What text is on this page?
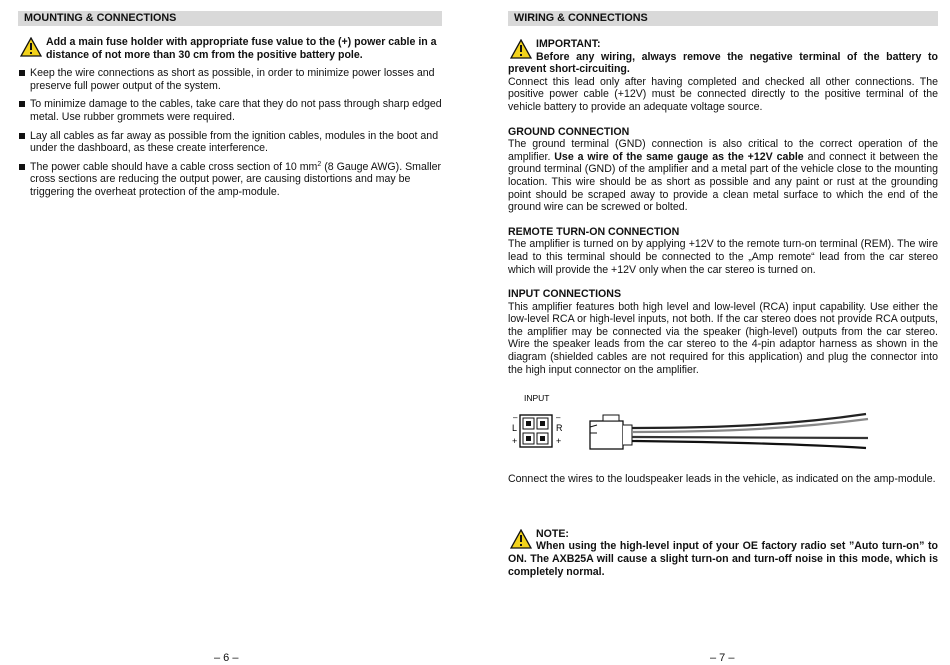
MOUNTING & CONNECTIONS
Add a main fuse holder with appropriate fuse value to the (+) power cable in a distance of not more than 30 cm from the positive battery pole.
Keep the wire connections as short as possible, in order to minimize power losses and preserve full power output of the system.
To minimize damage to the cables, take care that they do not pass through sharp edged metal. Use rubber grommets were required.
Lay all cables as far away as possible from the ignition cables, modules in the boot and under the dashboard, as these create interference.
The power cable should have a cable cross section of 10 $mm^2$ (8 Gauge AWG). Smaller cross sections are reducing the output power, are causing distortions and may be triggering the overheat protection of the amp-module.
– 6 –
WIRING & CONNECTIONS
IMPORTANT:
Before any wiring, always remove the negative terminal of the battery to prevent short-circuiting.
Connect this lead only after having completed and checked all other connections. The positive power cable (+12V) must be connected directly to the positive terminal of the vehicle battery to provide an adequate voltage source.
GROUND CONNECTION
The ground terminal (GND) connection is also critical to the correct operation of the amplifier. Use a wire of the same gauge as the +12V cable and connect it between the ground terminal (GND) of the amplifier and a metal part of the vehicle close to the mounting location. This wire should be as short as possible and any paint or rust at the grounding point should be scraped away to provide a clean metal surface to which the end of the ground wire can be screwed or bolted.
REMOTE TURN-ON CONNECTION
The amplifier is turned on by applying +12V to the remote turn-on terminal (REM). The wire lead to this terminal should be connected to the „Amp remote“ lead from the car stereo which will provide the +12V only when the car stereo is turned on.
INPUT CONNECTIONS
This amplifier features both high level and low-level (RCA) input capability. Use either the low-level RCA or high-level inputs, not both. If the car stereo does not provide RCA outputs, the amplifier may be connected via the speaker (high-level) outputs from the car stereo. Wire the speaker leads from the car stereo to the 4-pin adaptor harness as shown in the diagram (shielded cables are not required for this application) and plug the connector into the high input connector on the amplifier.
INPUT
–
L
+
–
R
+
Connect the wires to the loudspeaker leads in the vehicle, as indicated on the amp-module.
NOTE:
When using the high-level input of your OE factory radio set ”Auto turn-on” to ON. The AXB25A will cause a slight turn-on and turn-off noise in this mode, which is completely normal.
– 7 –
